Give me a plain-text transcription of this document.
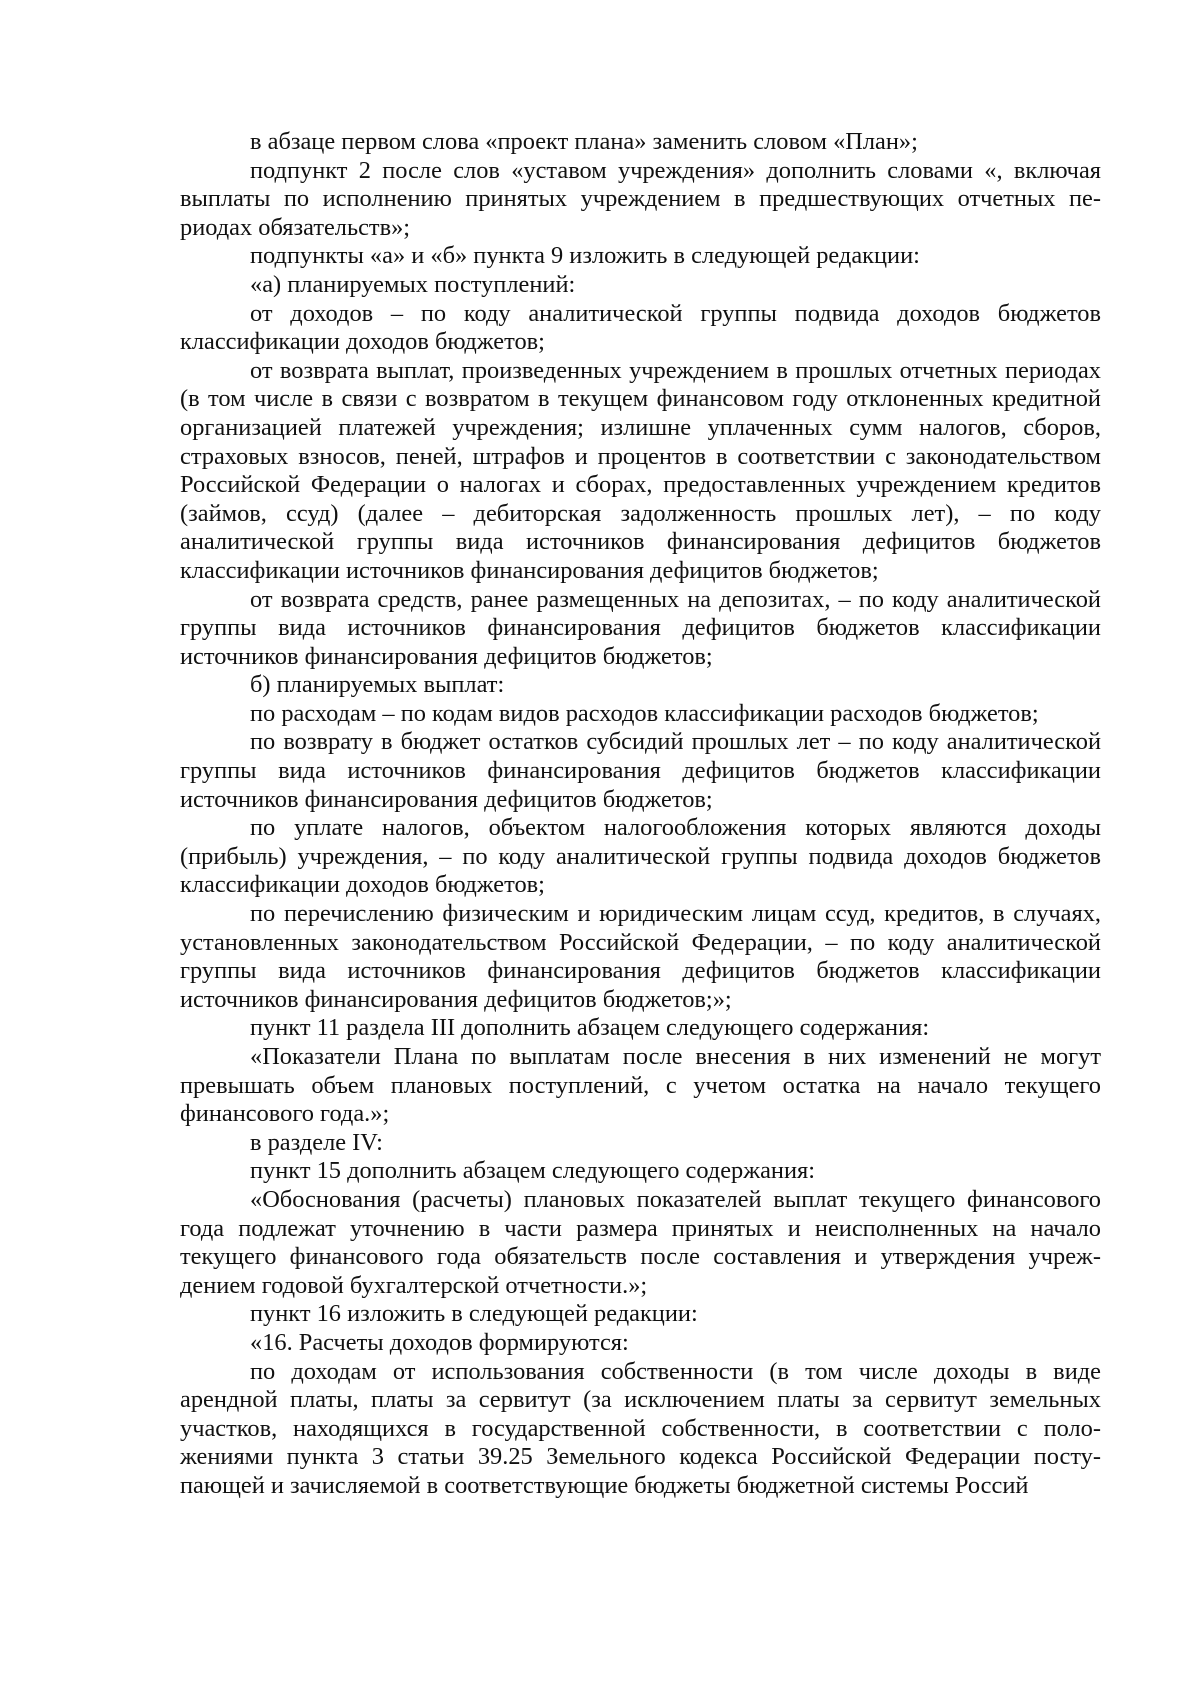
в абзаце первом слова «проект плана» заменить словом «План»;

подпункт 2 после слов «уставом учреждения» дополнить словами «, включая выплаты по исполнению принятых учреждением в предшествующих отчетных периодах обязательств»;

подпункты «а» и «б» пункта 9 изложить в следующей редакции:

«а) планируемых поступлений:

от доходов – по коду аналитической группы подвида доходов бюджетов классификации доходов бюджетов;

от возврата выплат, произведенных учреждением в прошлых отчетных периодах (в том числе в связи с возвратом в текущем финансовом году отклоненных кредитной организацией платежей учреждения; излишне уплаченных сумм налогов, сборов, страховых взносов, пеней, штрафов и процентов в соответствии с законодательством Российской Федерации о налогах и сборах, предоставленных учреждением кредитов (займов, ссуд) (далее – дебиторская задолженность прошлых лет), – по коду аналитической группы вида источников финансирования дефицитов бюджетов классификации источников финансирования дефицитов бюджетов;

от возврата средств, ранее размещенных на депозитах, – по коду аналитической группы вида источников финансирования дефицитов бюджетов классификации источников финансирования дефицитов бюджетов;

б) планируемых выплат:

по расходам – по кодам видов расходов классификации расходов бюджетов;

по возврату в бюджет остатков субсидий прошлых лет – по коду аналитической группы вида источников финансирования дефицитов бюджетов классификации источников финансирования дефицитов бюджетов;

по уплате налогов, объектом налогообложения которых являются доходы (прибыль) учреждения, – по коду аналитической группы подвида доходов бюджетов классификации доходов бюджетов;

по перечислению физическим и юридическим лицам ссуд, кредитов, в случаях, установленных законодательством Российской Федерации, – по коду аналитической группы вида источников финансирования дефицитов бюджетов классификации источников финансирования дефицитов бюджетов;»;

пункт 11 раздела III дополнить абзацем следующего содержания:

«Показатели Плана по выплатам после внесения в них изменений не могут превышать объем плановых поступлений, с учетом остатка на начало текущего финансового года.»;

в разделе IV:

пункт 15 дополнить абзацем следующего содержания:

«Обоснования (расчеты) плановых показателей выплат текущего финансового года подлежат уточнению в части размера принятых и неисполненных на начало текущего финансового года обязательств после составления и утверждения учреждением годовой бухгалтерской отчетности.»;

пункт 16 изложить в следующей редакции:

«16. Расчеты доходов формируются:

по доходам от использования собственности (в том числе доходы в виде арендной платы, платы за сервитут (за исключением платы за сервитут земельных участков, находящихся в государственной собственности, в соответствии с положениями пункта 3 статьи 39.25 Земельного кодекса Российской Федерации поступающей и зачисляемой в соответствующие бюджеты бюджетной системы Россий
